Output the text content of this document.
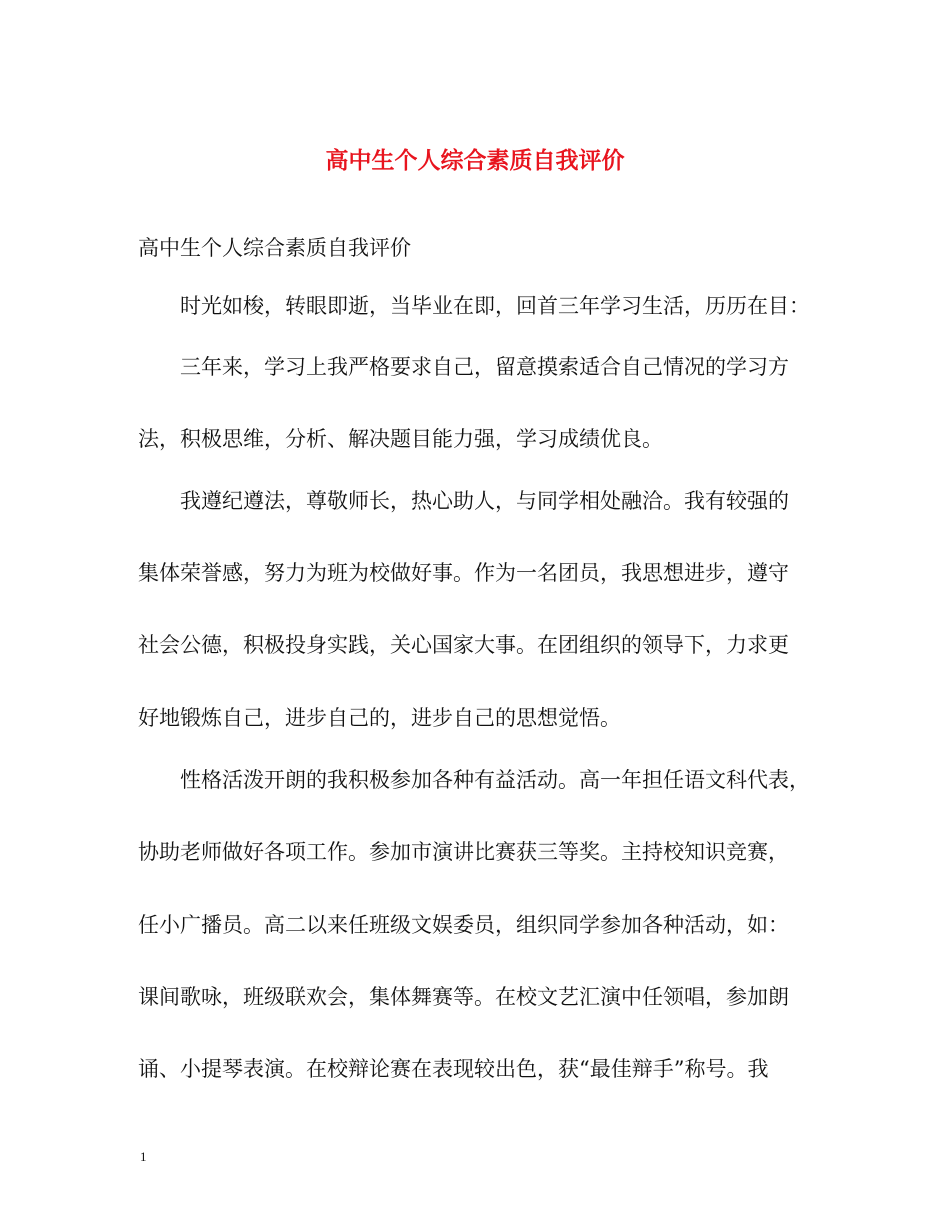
高中生个人综合素质自我评价
高中生个人综合素质自我评价
时光如梭，转眼即逝，当毕业在即，回首三年学习生活，历历在目：
三年来，学习上我严格要求自己，留意摸索适合自己情况的学习方
法，积极思维，分析、解决题目能力强，学习成绩优良。
我遵纪遵法，尊敬师长，热心助人，与同学相处融洽。我有较强的
集体荣誉感，努力为班为校做好事。作为一名团员，我思想进步，遵守
社会公德，积极投身实践，关心国家大事。在团组织的领导下，力求更
好地锻炼自己，进步自己的，进步自己的思想觉悟。
性格活泼开朗的我积极参加各种有益活动。高一年担任语文科代表，
协助老师做好各项工作。参加市演讲比赛获三等奖。主持校知识竞赛，
任小广播员。高二以来任班级文娱委员，组织同学参加各种活动，如：
课间歌咏，班级联欢会，集体舞赛等。在校文艺汇演中任领唱，参加朗
诵、小提琴表演。在校辩论赛在表现较出色，获“最佳辩手”称号。我
1
